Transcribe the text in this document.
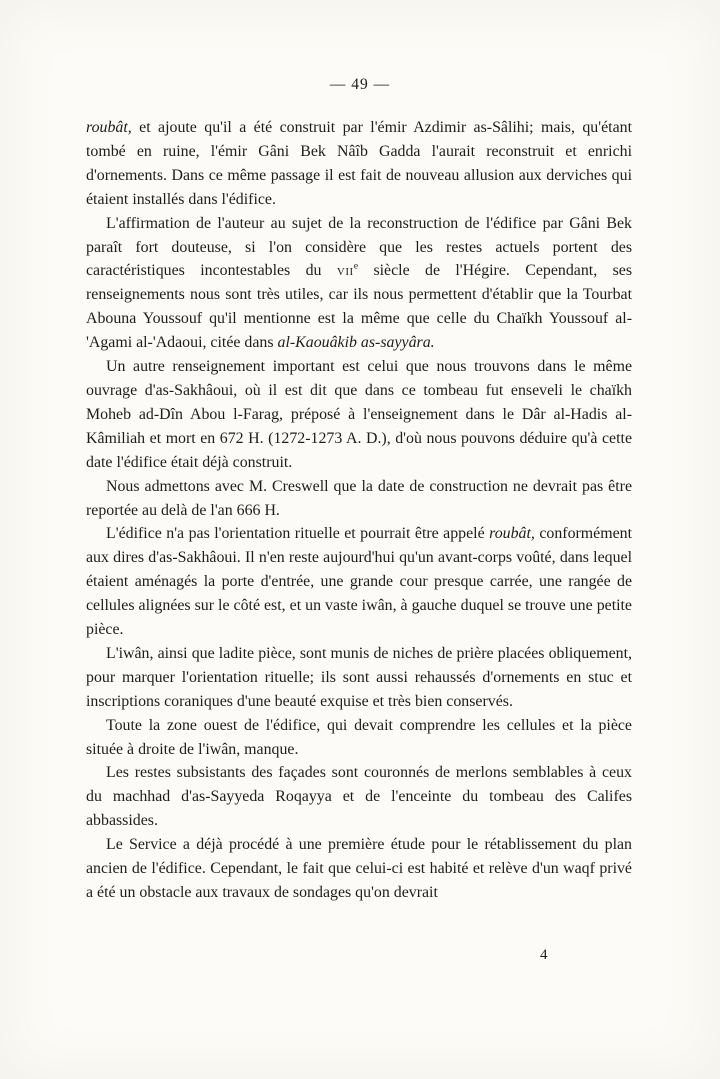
— 49 —

roubât, et ajoute qu'il a été construit par l'émir Azdimir as-Sâlihi; mais, qu'étant tombé en ruine, l'émir Gâni Bek Nâîb Gadda l'aurait reconstruit et enrichi d'ornements. Dans ce même passage il est fait de nouveau allusion aux derviches qui étaient installés dans l'édifice.

L'affirmation de l'auteur au sujet de la reconstruction de l'édifice par Gâni Bek paraît fort douteuse, si l'on considère que les restes actuels portent des caractéristiques incontestables du vii$^e$ siècle de l'Hégire. Cependant, ses renseignements nous sont très utiles, car ils nous permettent d'établir que la Tourbat Abouna Youssouf qu'il mentionne est la même que celle du Chaïkh Youssouf al-'Agami al-'Adaoui, citée dans al-Kaouâkib as-sayyâra.

Un autre renseignement important est celui que nous trouvons dans le même ouvrage d'as-Sakhâoui, où il est dit que dans ce tombeau fut enseveli le chaïkh Moheb ad-Dîn Abou l-Farag, préposé à l'enseignement dans le Dâr al-Hadis al-Kâmiliah et mort en 672 H. (1272-1273 A. D.), d'où nous pouvons déduire qu'à cette date l'édifice était déjà construit.

Nous admettons avec M. Creswell que la date de construction ne devrait pas être reportée au delà de l'an 666 H.

L'édifice n'a pas l'orientation rituelle et pourrait être appelé roubât, conformément aux dires d'as-Sakhâoui. Il n'en reste aujourd'hui qu'un avant-corps voûté, dans lequel étaient aménagés la porte d'entrée, une grande cour presque carrée, une rangée de cellules alignées sur le côté est, et un vaste iwân, à gauche duquel se trouve une petite pièce.

L'iwân, ainsi que ladite pièce, sont munis de niches de prière placées obliquement, pour marquer l'orientation rituelle; ils sont aussi rehaussés d'ornements en stuc et inscriptions coraniques d'une beauté exquise et très bien conservés.

Toute la zone ouest de l'édifice, qui devait comprendre les cellules et la pièce située à droite de l'iwân, manque.

Les restes subsistants des façades sont couronnés de merlons semblables à ceux du machhad d'as-Sayyeda Roqayya et de l'enceinte du tombeau des Califes abbassides.

Le Service a déjà procédé à une première étude pour le rétablissement du plan ancien de l'édifice. Cependant, le fait que celui-ci est habité et relève d'un waqf privé a été un obstacle aux travaux de sondages qu'on devrait

4
